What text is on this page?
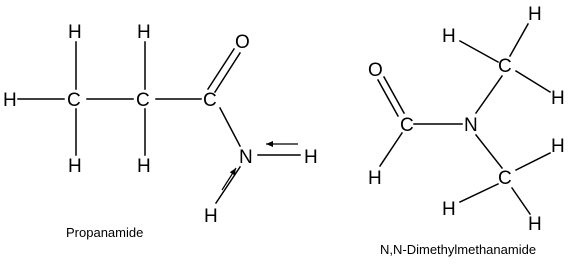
H	C	C	C
O
N
H
H
H
H	H
H
Propanamide
O
C
H
N
C
C
H
H
H
H
H
H
N,N-Dimethylmethanamide
